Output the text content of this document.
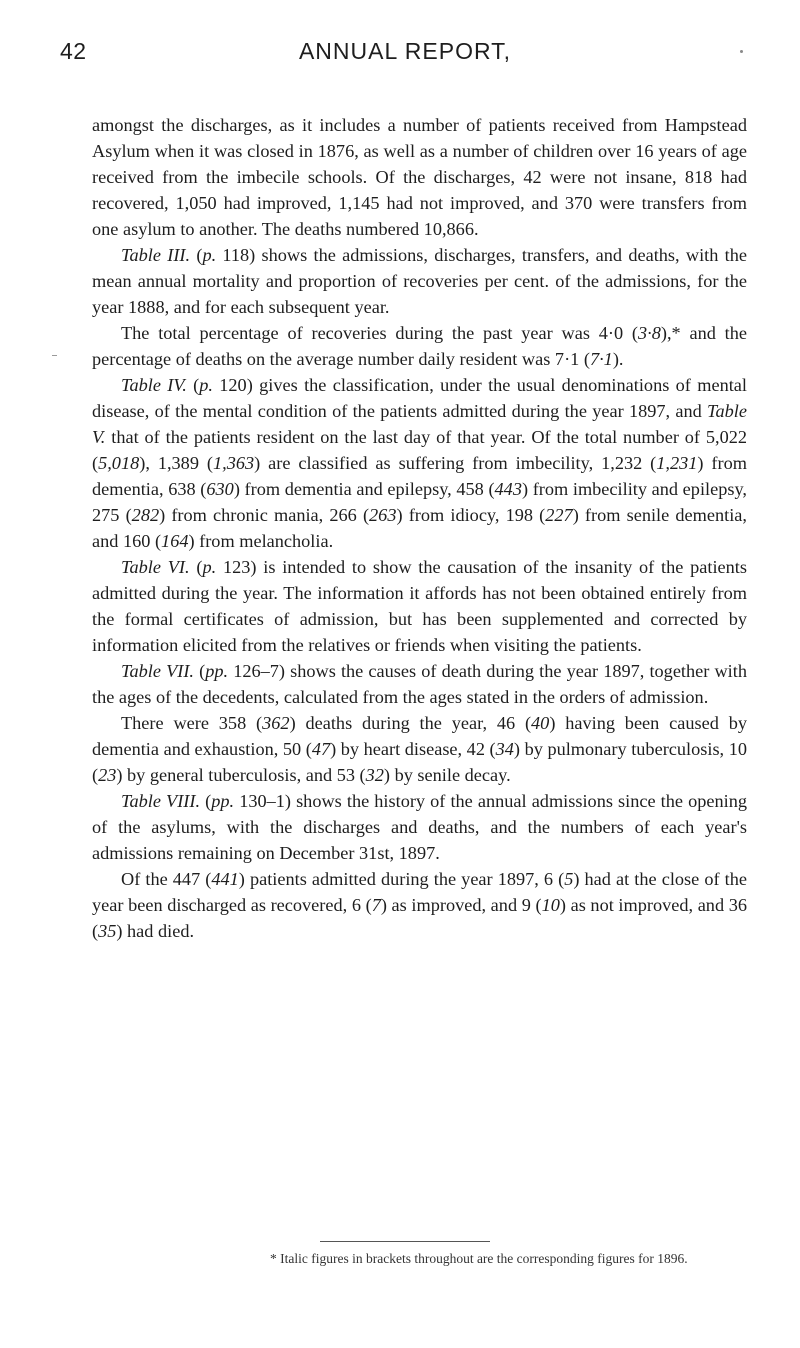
42	ANNUAL REPORT,

amongst the discharges, as it includes a number of patients received from Hampstead Asylum when it was closed in 1876, as well as a number of children over 16 years of age received from the imbecile schools. Of the discharges, 42 were not insane, 818 had recovered, 1,050 had improved, 1,145 had not improved, and 370 were transfers from one asylum to another. The deaths numbered 10,866.

Table III. (p. 118) shows the admissions, discharges, transfers, and deaths, with the mean annual mortality and proportion of recoveries per cent. of the admissions, for the year 1888, and for each subsequent year.

The total percentage of recoveries during the past year was 4·0 (3·8),* and the percentage of deaths on the average number daily resident was 7·1 (7·1).

Table IV. (p. 120) gives the classification, under the usual denominations of mental disease, of the mental condition of the patients admitted during the year 1897, and Table V. that of the patients resident on the last day of that year. Of the total number of 5,022 (5,018), 1,389 (1,363) are classified as suffering from imbecility, 1,232 (1,231) from dementia, 638 (630) from dementia and epilepsy, 458 (443) from imbecility and epilepsy, 275 (282) from chronic mania, 266 (263) from idiocy, 198 (227) from senile dementia, and 160 (164) from melancholia.

Table VI. (p. 123) is intended to show the causation of the insanity of the patients admitted during the year. The information it affords has not been obtained entirely from the formal certificates of admission, but has been supplemented and corrected by information elicited from the relatives or friends when visiting the patients.

Table VII. (pp. 126–7) shows the causes of death during the year 1897, together with the ages of the decedents, calculated from the ages stated in the orders of admission.

There were 358 (362) deaths during the year, 46 (40) having been caused by dementia and exhaustion, 50 (47) by heart disease, 42 (34) by pulmonary tuberculosis, 10 (23) by general tuberculosis, and 53 (32) by senile decay.

Table VIII. (pp. 130–1) shows the history of the annual admissions since the opening of the asylums, with the discharges and deaths, and the numbers of each year's admissions remaining on December 31st, 1897.

Of the 447 (441) patients admitted during the year 1897, 6 (5) had at the close of the year been discharged as recovered, 6 (7) as improved, and 9 (10) as not improved, and 36 (35) had died.

* Italic figures in brackets throughout are the corresponding figures for 1896.
